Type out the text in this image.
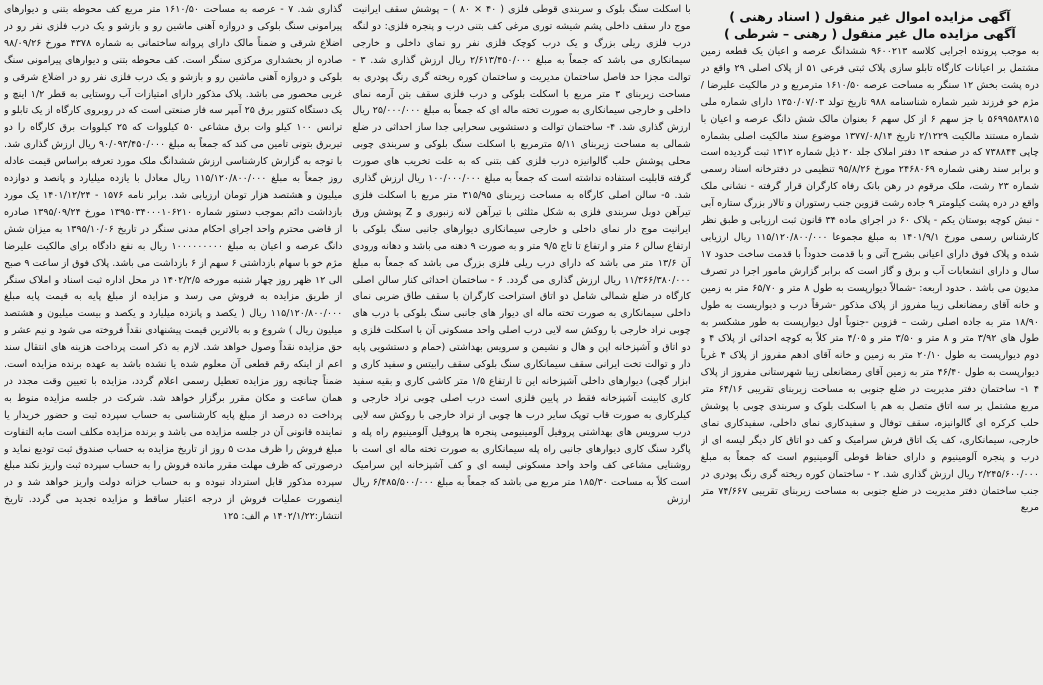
آگهی مزایده اموال غیر منقول ( اسناد رهنی )

آگهی مزایده مال غیر منقول ( رهنی – شرطی )

به موجب پرونده اجرایی کلاسه ۹۶۰۰۲۱۳ ششدانگ عرصه و اعیان یک قطعه زمین مشتمل بر اعیانات کارگاه تابلو سازی پلاک ثبتی فرعی ۵۱ از پلاک اصلی ۲۹ واقع در دره پشت بخش ۱۲ سنگر به مساحت عرصه ۱۶۱۰/۵۰ مترمربع و در مالکیت علیرضا / مژم خو فرزند شیر شماره شناسنامه ۹۸۸ تاریخ تولد ۱۳۵۰/۰۷/۰۳ دارای شماره ملی ۵۶۹۹۵۸۳۸۱۵ با جز سهم ۶ از کل سهم ۶ بعنوان مالک شش دانگ عرصه و اعیان با شماره مستند مالکیت ۲/۱۲۲۹ تاریخ ۱۳۷۷/۰۸/۱۴ موضوع سند مالکیت اصلی بشماره چاپی ۷۳۸۸۴۴ که در صفحه ۱۳ دفتر املاک جلد ۲۰ ذیل شماره ۱۳۱۲ ثبت گردیده است و برابر سند رهنی شماره ۲۴۶۸۰۶۹ مورخ ۹۵/۸/۲۶ تنظیمی در دفترخانه اسناد رسمی شماره ۲۳ رشت، ملک مرقوم در رهن بانک رفاه کارگران قرار گرفته - نشانی ملک واقع در دره پشت کیلومتر ۹ جاده رشت قزوین جنب رستوران و تالار بزرگ ستاره آبی - نبش کوچه بوستان یکم - پلاک ۶۰ در اجرای ماده ۳۴ قانون ثبت ارزیابی و طبق نظر کارشناس رسمی مورخ ۱۴۰۱/۹/۱ به مبلغ مجموعا ۱۱۵/۱۲۰/۸۰۰/۰۰۰ ریال ارزیابی شده و پلاک فوق دارای اعیانی بشرح آتی و با قدمت حدوداً با قدمت ساخت حدود ۱۷ سال و دارای انشعابات آب و برق و گاز است که برابر گزارش مامور اجرا در تصرف مدیون می باشد . حدود اربعه: -شمالاً دیوارپست به طول ۸ متر و ۶۵/۷۰ متر به زمین و خانه آقای رمضانعلی زیبا مفروز از پلاک مذکور -شرقاً درب و دیواریست به طول ۱۸/۹۰ متر به جاده اصلی رشت – قزوین -جنوباً اول دیوارپست به طور مشکسر به طول های ۳/۹۲ متر و ۸ متر و ۳/۵۰ متر و ۴/۰۵ متر کلاً به کوچه احداثی از پلاک ۴ و دوم دیوارپست به طول ۲۰/۱۰ متر به زمین و خانه آقای ادهم مفروز از پلاک ۴ غرباً دیوارپست به طول ۴۶/۴۰ متر به زمین آقای رمضانعلی زیبا شهرستانی مفروز از پلاک ۴ ۱- ساختمان دفتر مدیریت در ضلع جنوبی به مساحت زیربنای تقریبی ۶۴/۱۶ متر مربع مشتمل بر سه اتاق متصل به هم با اسکلت بلوک و سربندی چوبی با پوشش حلب کرکره ای گالوانیزه، سقف توفال و سفیدکاری نمای داخلی، سفیدکاری نمای خارجی، سیمانکاری، کف یک اتاق فرش سرامیک و کف دو اتاق کار دیگر لیسه ای از درب و پنجره آلومینیوم و دارای حفاظ قوطی آلومینیوم است که جمعاً به مبلغ ۲/۲۴۵/۶۰۰/۰۰۰ ریال ارزش گذاری شد. ۲ - ساختمان کوره ریخته گری رنگ پودری در جنب ساختمان دفتر مدیریت در ضلع جنوبی به مساحت زیربنای تقریبی ۷۴/۶۶۷ متر مربع

با اسکلت سنگ بلوک و سربندی قوطی فلزی ( ۴۰ × ۸۰ ) – پوشش سقف ایرانیت موج دار سقف داخلی پشم شیشه توری مرغی کف بتنی درب و پنجره فلزی: دو لنگه درب فلزی ریلی بزرگ و یک درب کوچک فلزی نفر رو نمای داخلی و خارجی سیمانکاری می باشد که جمعاً به مبلغ ۲/۶۱۳/۴۵۰/۰۰۰ ریال ارزش گذاری شد. ۳ - توالت مجزا حد فاصل ساختمان مدیریت و ساختمان کوره ریخته گری رنگ پودری به مساحت زیربنای ۳ متر مربع با اسکلت بلوکی و درب فلزی سقف بتن آرمه نمای داخلی و خارجی سیمانکاری به صورت تخته ماله ای که جمعاً به مبلغ ۲۵/۰۰۰/۰۰۰ ریال ارزش گذاری شد. ۴- ساختمان توالت و دستشویی سحرایی جدا ساز احداثی در ضلع شمالی به مساحت زیربنای ۵/۱۱ مترمربع با اسکلت سنگ بلوکی و سربندی چوبی محلی پوشش حلب گالوانیزه درب فلزی کف بتنی که به علت تخریب های صورت گرفته قابلیت استفاده نداشته است که جمعاً به مبلغ ۱۰۰/۰۰۰/۰۰۰ ریال ارزش گذاری شد. ۵- سالن اصلی کارگاه به مساحت زیربنای ۳۱۵/۹۵ متر مربع با اسکلت فلزی تیرآهن دوبل سربندی فلزی به شکل مثلثی با تیرآهن لانه زنبوری و Z پوشش ورق ایرانیت موج دار نمای داخلی و خارجی سیمانکاری دیوارهای جانبی سنگ بلوکی با ارتفاع سالن ۶ متر و ارتفاع تا تاج ۹/۵ متر و به صورت ۹ دهنه می باشد و دهانه ورودی آن ۱۳/۶ متر می باشد که دارای درب ریلی فلزی بزرگ می باشد که جمعاً به مبلغ ۱۱/۳۶۶/۳۸۰/۰۰۰ ریال ارزش گذاری می گردد. ۶ - ساختمان احداثی کنار سالن اصلی کارگاه در ضلع شمالی شامل دو اتاق استراحت کارگران با سقف طاق ضربی نمای داخلی سیمانکاری به صورت تخته ماله ای دیوار های جانبی سنگ بلوکی با درب های چوبی نراد خارجی با روکش سه لایی درب اصلی واحد مسکونی آن با اسکلت فلزی و دو اتاق و آشپزخانه اپن و هال و نشیمن و سرویس بهداشتی (حمام و دستشویی پایه دار و توالت تخت ایرانی سقف سیمانکاری سنگ بلوکی سقف رابیتس و سفید کاری و ابزار گچی) دیوارهای داخلی آشپزخانه این تا ارتفاع ۱/۵ متر کاشی کاری و بقیه سفید کاری کابینت آشپزخانه فقط در پایین فلزی است درب اصلی چوبی نراد خارجی و کیلرکاری به صورت قاب توپک سایر درب ها چوبی از نراد خارجی با روکش سه لایی درب سرویس های بهداشتی پروفیل آلومینیومی پنجره ها پروفیل آلومینیوم راه پله و پاگرد سنگ کاری دیوارهای جانبی راه پله سیمانکاری به صورت تخته ماله ای است با روشنایی مشاعی کف واحد واحد مسکونی لیسه ای و کف آشپزخانه اپن سرامیک است کلاً به مساحت ۱۸۵/۳۰ متر مربع می باشد که جمعاً به مبلغ ۶/۴۸۵/۵۰۰/۰۰۰ ریال ارزش

گذاری شد. ۷ - عرصه به مساحت ۱۶۱۰/۵۰ متر مربع کف محوطه بتنی و دیوارهای پیرامونی سنگ بلوکی و دروازه آهنی ماشین رو و بازشو و یک درب فلزی نفر رو در اضلاع شرقی و ضمناً مالک دارای پروانه ساختمانی به شماره ۴۳۷۸ مورخ ۹۸/۰۹/۲۶ صادره از بخشداری مرکزی سنگر است. کف محوطه بتنی و دیوارهای پیرامونی سنگ بلوکی و دروازه آهنی ماشین رو و بازشو و یک درب فلزی نفر رو در اضلاع شرقی و غربی محصور می باشد. پلاک مذکور دارای امتیازات آب روستایی به قطر ۱/۲ اینچ و یک دستگاه کنتور برق ۲۵ آمپر سه فاز صنعتی است که در روبروی کارگاه از یک تابلو و ترانس ۱۰۰ کیلو وات برق مشاعی ۵۰ کیلووات که ۲۵ کیلووات برق کارگاه را دو تیربرق بتونی تامین می کند که جمعاً به مبلغ ۹۰/۰۹۳/۴۵۰/۰۰۰ ریال ارزش گذاری شد. با توجه به گزارش کارشناسی ارزش ششدانگ ملک مورد تعرفه براساس قیمت عادله روز جمعاً به مبلغ ۱۱۵/۱۲۰/۸۰۰/۰۰۰ ریال معادل با یازده میلیارد و پانصد و دوازده میلیون و هشتصد هزار تومان ارزیابی شد. برابر نامه ۱۵۷۶ - ۱۴۰۱/۱۲/۲۴ یک مورد بازداشت دائم بموجب دستور شماره ۱۳۹۵۰۳۴۰۰۰۱۰۶۲۱۰ مورخ ۱۳۹۵/۰۹/۲۴ صادره از قاضی محترم واحد اجرای احکام مدنی سنگر در تاریخ ۱۳۹۵/۱۰/۰۶ به میزان شش دانگ عرصه و اعیان به مبلغ ۱۰۰۰۰۰۰۰۰۰ ریال به نفع دادگاه برای مالکیت علیرضا مژم خو با سهام بازداشتی ۶ سهم از ۶ بازداشت می باشد. پلاک فوق از ساعت ۹ صبح الی ۱۲ ظهر روز چهار شنبه مورخه ۱۴۰۲/۲/۵ در محل اداره ثبت اسناد و املاک سنگر از طریق مزایده به فروش می رسد و مزایده از مبلغ پایه به قیمت پایه مبلغ ۱۱۵/۱۲۰/۸۰۰/۰۰۰ ریال ( یکصد و پانزده میلیارد و یکصد و بیست میلیون و هشتصد میلیون ریال ) شروع و به بالاترین قیمت پیشنهادی نقداً فروخته می شود و نیم عشر و حق مزایده نقداً وصول خواهد شد. لازم به ذکر است پرداخت هزینه های انتقال سند اعم از اینکه رقم قطعی آن معلوم شده یا نشده باشد به عهده برنده مزایده است. ضمناً چنانچه روز مزایده تعطیل رسمی اعلام گردد، مزایده با تعیین وقت مجدد در همان ساعت و مکان مقرر برگزار خواهد شد. شرکت در جلسه مزایده منوط به پرداخت ده درصد از مبلغ پایه کارشناسی به حساب سپرده ثبت و حضور خریدار یا نماینده قانونی آن در جلسه مزایده می باشد و برنده مزایده مکلف است مابه التفاوت مبلغ فروش را ظرف مدت ۵ روز از تاریخ مزایده به حساب صندوق ثبت تودیع نماید و درصورتی که ظرف مهلت مقرر مانده فروش را به حساب سپرده ثبت واریز نکند مبلغ سپرده مذکور قابل استرداد نبوده و به حساب خزانه دولت واریز خواهد شد و در اینصورت عملیات فروش از درجه اعتبار ساقط و مزایده تجدید می گردد. تاریخ انتشار:۱۴۰۲/۱/۲۲ م الف: ۱۲۵
